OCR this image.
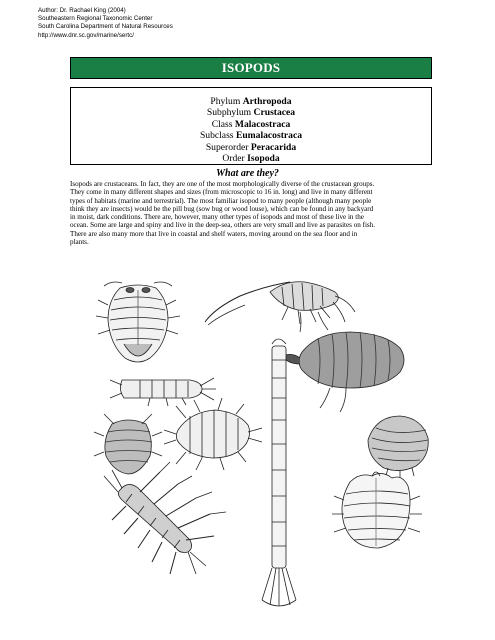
Author: Dr. Rachael King (2004)
Southeastern Regional Taxonomic Center
South Carolina Department of Natural Resources
http://www.dnr.sc.gov/marine/sertc/
ISOPODS
Phylum Arthropoda
Subphylum Crustacea
Class Malacostraca
Subclass Eumalacostraca
Superorder Peracarida
Order Isopoda
What are they?
Isopods are crustaceans. In fact, they are one of the most morphologically diverse of the crustacean groups.
They come in many different shapes and sizes (from microscopic to 16 in. long) and live in many different
types of habitats (marine and terrestrial). The most familiar isopod to many people (although many people
think they are insects) would be the pill bug (sow bug or wood louse), which can be found in any backyard
in moist, dark conditions. There are, however, many other types of isopods and most of these live in the
ocean. Some are large and spiny and live in the deep-sea, others are very small and live as parasites on fish.
There are also many more that live in coastal and shelf waters, moving around on the sea floor and in
plants.
